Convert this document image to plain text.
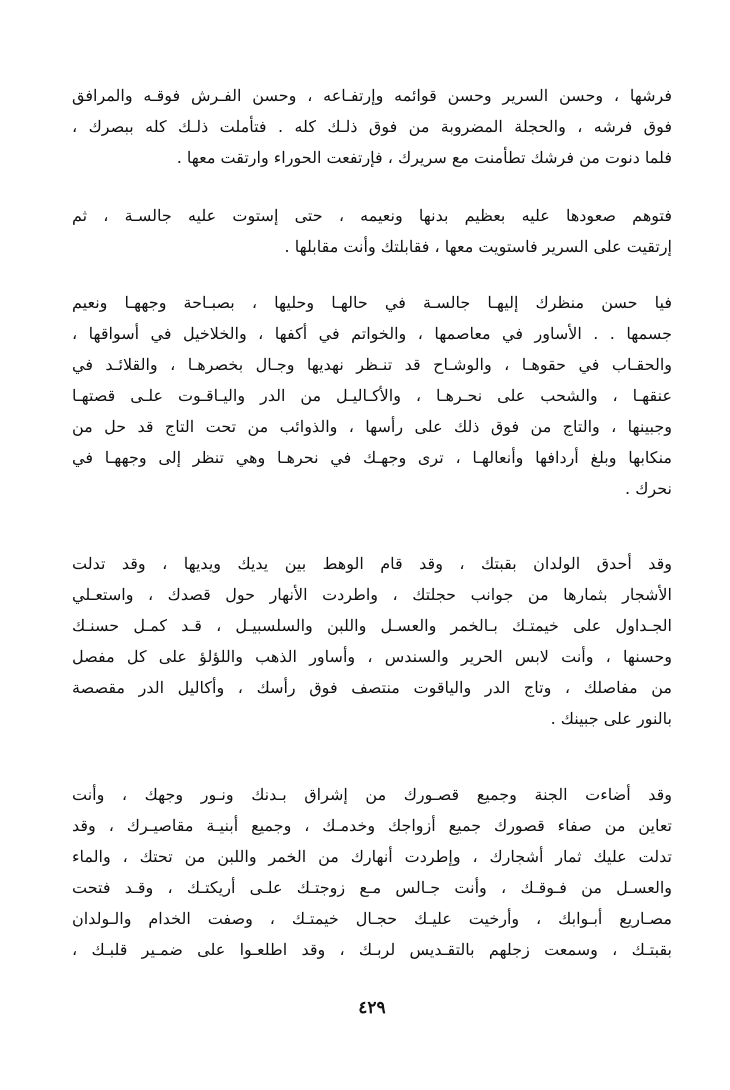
فرشها ، وحسن السرير وحسن قوائمه وإرتفـاعه ، وحسن الفـرش فوقـه والمرافق
فوق فرشه ، والحجلة المضروبة من فوق ذلـك كله . فتأملت ذلـك كله ببصرك ،
فلما دنوت من فرشك تطأمنت مع سريرك ، فإرتفعت الحوراء وارتقت معها .
فتوهم صعودها عليه بعظيم بدنها ونعيمه ، حتى إستوت عليه جالسـة ، ثم
إرتقيت على السرير فاستويت معها ، فقابلتك وأنت مقابلها .
فيا حسن منظرك إليهـا جالسـة في حالهـا وحليها ، بصبـاحة وجههـا ونعيم
جسمها . . الأساور في معاصمها ، والخواتم في أكفها ، والخلاخيل في أسواقها ،
والحقـاب في حقوهـا ، والوشـاح قد تنـظر نهديها وجـال بخصرهـا ، والقلائـد في
عنقهـا ، والشحب على نحـرهـا ، والأكـاليـل من الدر واليـاقـوت علـى قصتهـا
وجبينها ، والتاج من فوق ذلك على رأسها ، والذوائب من تحت التاج قد حل من
منكابها وبلغ أردافها وأنعالهـا ، ترى وجهـك في نحرهـا وهي تنظر إلى وجههـا في
نحرك .
وقد أحدق الولدان بقبتك ، وقد قام الوهط بين يديك ويديها ، وقد تدلت
الأشجار بثمارها من جوانب حجلتك ، واطردت الأنهار حول قصدك ، واستعـلي
الجـداول على خيمتـك بـالخمر والعسـل واللبن والسلسبيـل ، قـد كمـل حسنـك
وحسنها ، وأنت لابس الحرير والسندس ، وأساور الذهب واللؤلؤ على كل مفصل
من مفاصلك ، وتاج الدر والياقوت منتصف فوق رأسك ، وأكاليل الدر مقصصة
بالنور على جبينك .
وقد أضاءت الجنة وجميع قصـورك من إشراق بـدنك ونـور وجهك ، وأنت
تعاين من صفاء قصورك جميع أزواجك وخدمـك ، وجميع أبنيـة مقاصيـرك ، وقد
تدلت عليك ثمار أشجارك ، وإطردت أنهارك من الخمر واللبن من تحتك ، والماء
والعسـل من فـوقـك ، وأنت جـالس مـع زوجتـك علـى أريكتـك ، وقـد فتحت
مصـاريع أبـوابك ، وأرخيت عليـك حجـال خيمتـك ، وصفت الخدام والـولدان
بقبتـك ، وسمعت زجلهم بالتقـديس لربـك ، وقد اطلعـوا على ضمـير قلبـك ،
٤٢٩
